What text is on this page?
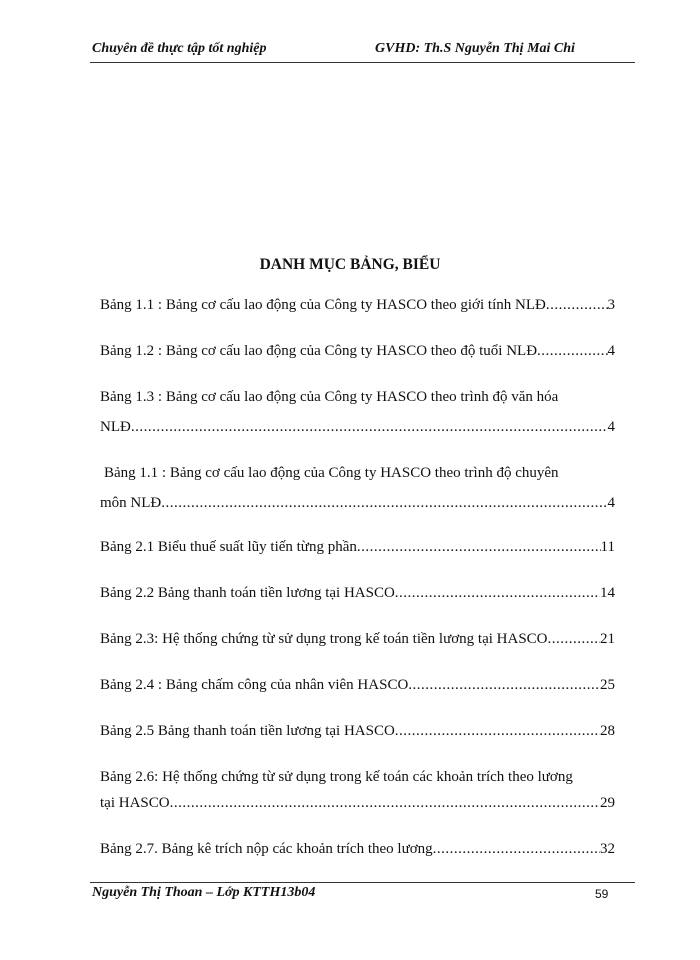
Chuyên đề thực tập tốt nghiệp	GVHD: Th.S Nguyễn Thị Mai Chi
DANH MỤC BẢNG, BIỂU
Bảng 1.1 : Bảng cơ cấu lao động của Công ty HASCO theo giới tính NLĐ .....	3
Bảng 1.2 : Bảng cơ cấu lao động của Công ty HASCO theo độ tuổi NLĐ .....	4
Bảng 1.3 : Bảng cơ cấu lao động của Công ty HASCO theo trình độ văn hóa
NLĐ .....	4
Bảng 1.1 : Bảng cơ cấu lao động của Công ty HASCO theo trình độ chuyên
môn NLĐ .....	4
Bảng 2.1 Biểu thuế suất lũy tiến từng phần .....	11
Bảng 2.2 Bảng thanh toán tiền lương tại HASCO .....	14
Bảng 2.3: Hệ thống chứng từ sử dụng trong kế toán tiền lương tại HASCO .....	21
Bảng 2.4 : Bảng chấm công của nhân viên HASCO .....	25
Bảng 2.5 Bảng thanh toán tiền lương tại HASCO .....	28
Bảng 2.6: Hệ thống chứng từ sử dụng trong kế toán các khoản trích theo lương
tại HASCO .....	29
Bảng 2.7. Bảng kê trích nộp các khoản trích theo lương .....	32
Nguyễn Thị Thoan – Lớp KTTH13b04	59
